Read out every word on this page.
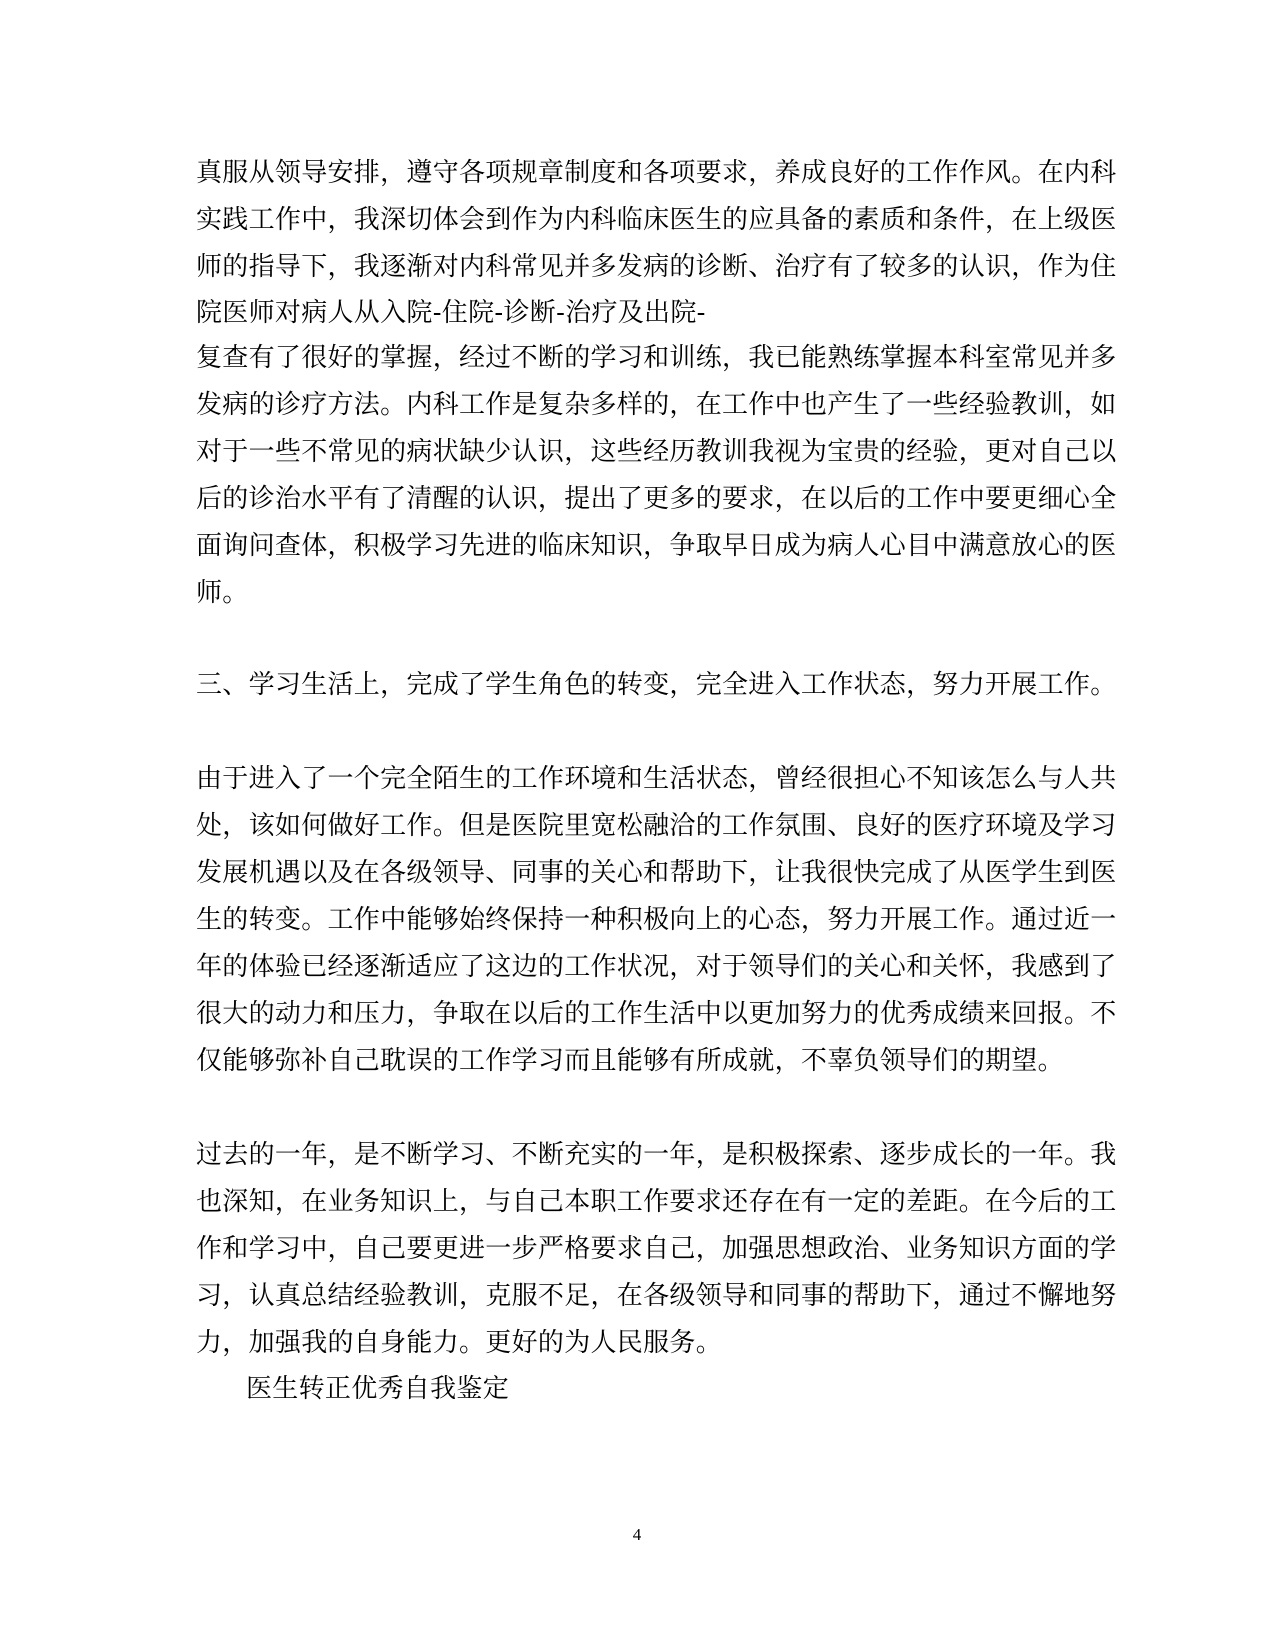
真服从领导安排，遵守各项规章制度和各项要求，养成良好的工作作风。在内科
实践工作中，我深切体会到作为内科临床医生的应具备的素质和条件，在上级医
师的指导下，我逐渐对内科常见并多发病的诊断、治疗有了较多的认识，作为住
院医师对病人从入院-住院-诊断-治疗及出院-
复查有了很好的掌握，经过不断的学习和训练，我已能熟练掌握本科室常见并多
发病的诊疗方法。内科工作是复杂多样的，在工作中也产生了一些经验教训，如
对于一些不常见的病状缺少认识，这些经历教训我视为宝贵的经验，更对自己以
后的诊治水平有了清醒的认识，提出了更多的要求，在以后的工作中要更细心全
面询问查体，积极学习先进的临床知识，争取早日成为病人心目中满意放心的医
师。
三、学习生活上，完成了学生角色的转变，完全进入工作状态，努力开展工作。
由于进入了一个完全陌生的工作环境和生活状态，曾经很担心不知该怎么与人共
处，该如何做好工作。但是医院里宽松融洽的工作氛围、良好的医疗环境及学习
发展机遇以及在各级领导、同事的关心和帮助下，让我很快完成了从医学生到医
生的转变。工作中能够始终保持一种积极向上的心态，努力开展工作。通过近一
年的体验已经逐渐适应了这边的工作状况，对于领导们的关心和关怀，我感到了
很大的动力和压力，争取在以后的工作生活中以更加努力的优秀成绩来回报。不
仅能够弥补自己耽误的工作学习而且能够有所成就，不辜负领导们的期望。
过去的一年，是不断学习、不断充实的一年，是积极探索、逐步成长的一年。我
也深知，在业务知识上，与自己本职工作要求还存在有一定的差距。在今后的工
作和学习中，自己要更进一步严格要求自己，加强思想政治、业务知识方面的学
习，认真总结经验教训，克服不足，在各级领导和同事的帮助下，通过不懈地努
力，加强我的自身能力。更好的为人民服务。
医生转正优秀自我鉴定
4
